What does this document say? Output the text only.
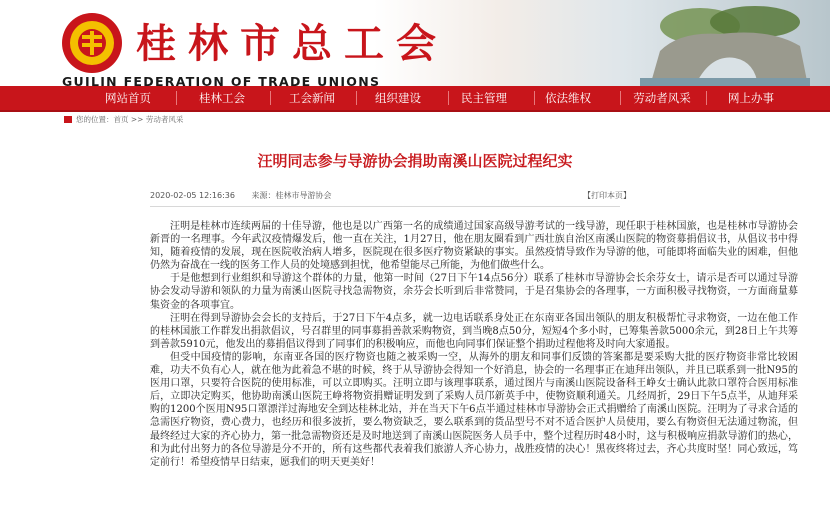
桂林市总工会
GUILIN FEDERATION OF TRADE UNIONS
网站首页	桂林工会	工会新闻	组织建设	民主管理	依法维权	劳动者风采	网上办事
您的位置：首页 >> 劳动者风采
汪明同志参与导游协会捐助南溪山医院过程纪实
2020-02-05 12:16:36 来源：桂林市导游协会	【打印本页】

汪明是桂林市连续两届的十佳导游，他也是以广西第一名的成绩通过国家高级导游考试的一线导游，现任职于桂林国旅，也是桂林市导游协会新晋的一名理事。今年武汉疫情爆发后，他一直在关注，1月27日，他在朋友圈看到广西壮族自治区南溪山医院的物资募捐倡议书，从倡议书中得知，随着疫情的发展，现在医院收治病人增多，医院现在很多医疗物资紧缺的事实。虽然疫情导致作为导游的他，可能即将面临失业的困难，但他仍然为奋战在一线的医务工作人员的处境感到担忧，他希望能尽己所能，为他们做些什么。

于是他想到行业组织和导游这个群体的力量，他第一时间（27日下午14点56分）联系了桂林市导游协会长余芬女士，请示是否可以通过导游协会发动导游和领队的力量为南溪山医院寻找急需物资，余芬会长听到后非常赞同，于是召集协会的各理事，一方面积极寻找物资，一方面商量募集资金的各项事宜。

汪明在得到导游协会会长的支持后，于27日下午4点多，就一边电话联系身处正在东南亚各国出领队的朋友积极帮忙寻求物资，一边在他工作的桂林国旅工作群发出捐款倡议，号召群里的同事募捐善款采购物资，到当晚8点50分，短短4个多小时，已筹集善款5000余元，到28日上午共筹到善款5910元，他发出的募捐倡议得到了同事们的积极响应，而他也向同事们保证整个捐助过程他将及时向大家通报。

但受中国疫情的影响，东南亚各国的医疗物资也随之被采购一空，从海外的朋友和同事们反馈的答案都是要采购大批的医疗物资非常比较困难，功夫不负有心人，就在他为此着急不堪的时候，终于从导游协会得知一个好消息，协会的一名理事正在迪拜出领队，并且已联系到一批N95的医用口罩，只要符合医院的使用标准，可以立即购买。汪明立即与该理事联系，通过图片与南溪山医院设备科王峥女士确认此款口罩符合医用标准后，立即决定购买，他协助南溪山医院王峥将物资捐赠证明发到了采购人员邝新英手中，使物资顺利通关。几经周折，29日下午5点半，从迪拜采购的1200个医用N95口罩漂洋过海地安全到达桂林北站，并在当天下午6点半通过桂林市导游协会正式捐赠给了南溪山医院。汪明为了寻求合适的急需医疗物资，费心费力，也经历和很多波折，要么物资缺乏，要么联系到的货品型号不对不适合医护人员使用，要么有物资但无法通过物流，但最终经过大家的齐心协力，第一批急需物资还是及时地送到了南溪山医院医务人员手中，整个过程历时48小时，这与积极响应捐款导游们的热心，和为此付出努力的各位导游是分不开的，所有这些都代表着我们旅游人齐心协力，战胜疫情的决心！黑夜终将过去，齐心共度时坚！同心致远，笃定前行！希望疫情早日结束，愿我们的明天更美好！
